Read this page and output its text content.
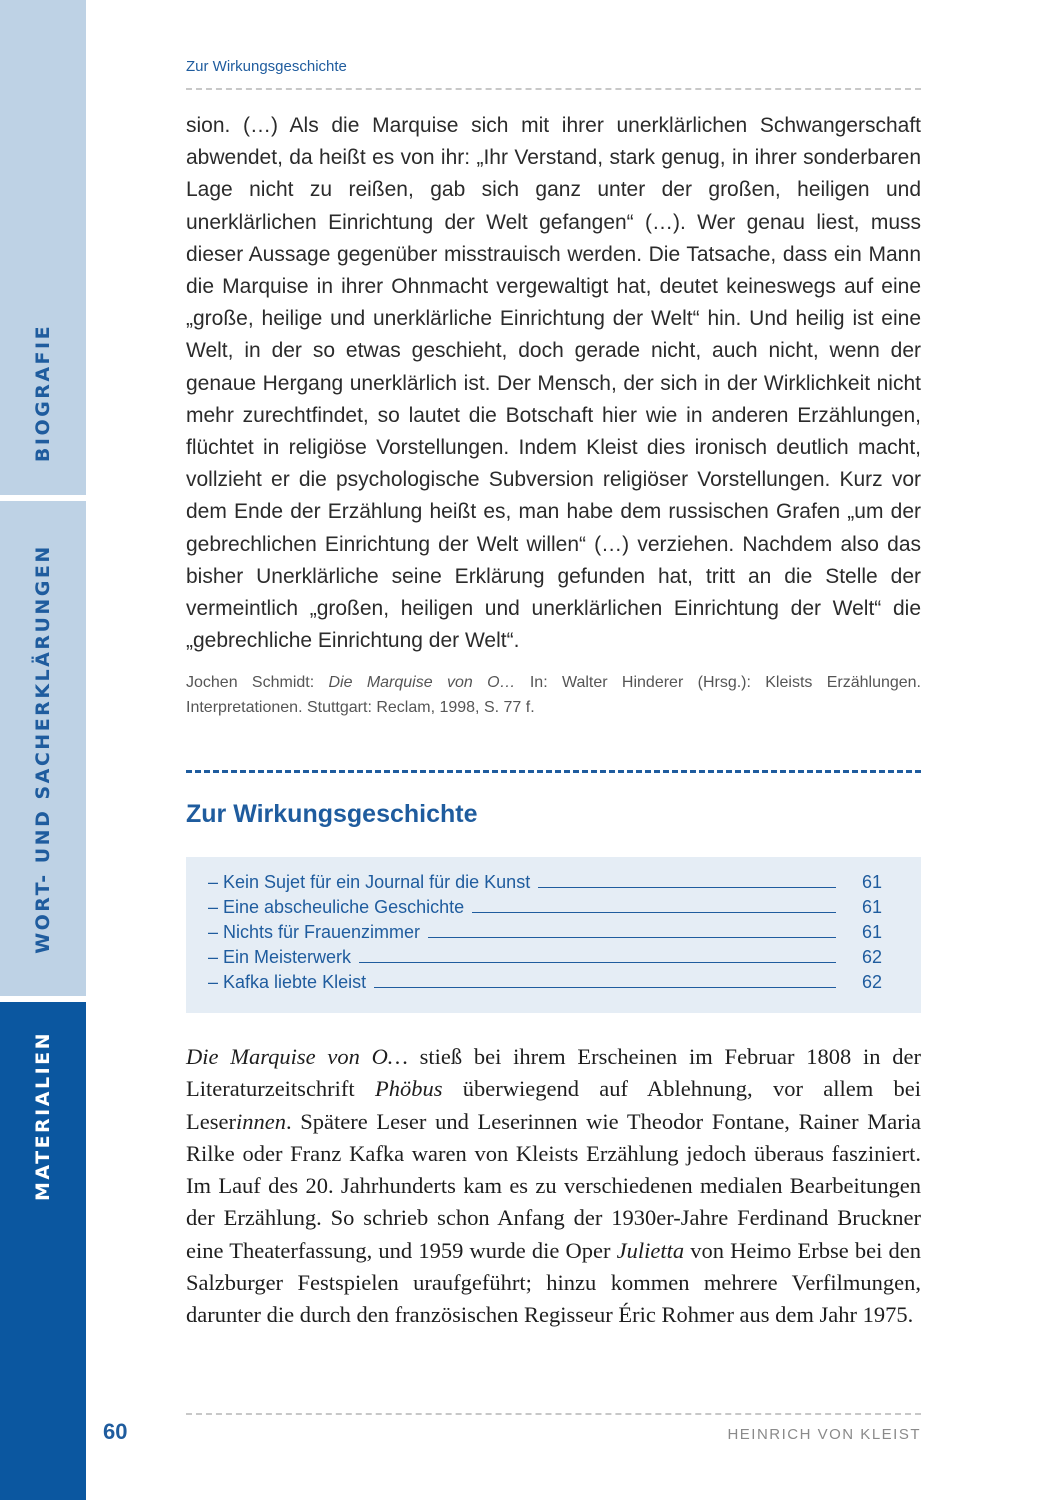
BIOGRAFIE
WORT- UND SACHERKLÄRUNGEN
MATERIALIEN
Zur Wirkungsgeschichte
sion. (…) Als die Marquise sich mit ihrer unerklärlichen Schwangerschaft abwendet, da heißt es von ihr: „Ihr Verstand, stark genug, in ihrer sonderbaren Lage nicht zu reißen, gab sich ganz unter der großen, heiligen und unerklärlichen Einrichtung der Welt gefangen“ (…). Wer genau liest, muss dieser Aussage gegenüber misstrauisch werden. Die Tatsache, dass ein Mann die Marquise in ihrer Ohnmacht vergewaltigt hat, deutet keineswegs auf eine „große, heilige und unerklärliche Einrichtung der Welt“ hin. Und heilig ist eine Welt, in der so etwas geschieht, doch gerade nicht, auch nicht, wenn der genaue Hergang unerklärlich ist. Der Mensch, der sich in der Wirklichkeit nicht mehr zurechtfindet, so lautet die Botschaft hier wie in anderen Erzählungen, flüchtet in religiöse Vorstellungen. Indem Kleist dies ironisch deutlich macht, vollzieht er die psychologische Subversion religiöser Vorstellungen. Kurz vor dem Ende der Erzählung heißt es, man habe dem russischen Grafen „um der gebrechlichen Einrichtung der Welt willen“ (…) verziehen. Nachdem also das bisher Unerklärliche seine Erklärung gefunden hat, tritt an die Stelle der vermeintlich „großen, heiligen und unerklärlichen Einrichtung der Welt“ die „gebrechliche Einrichtung der Welt“.
Jochen Schmidt: Die Marquise von O… In: Walter Hinderer (Hrsg.): Kleists Erzählungen. Interpretationen. Stuttgart: Reclam, 1998, S. 77 f.
Zur Wirkungsgeschichte
– Kein Sujet für ein Journal für die Kunst	61
– Eine abscheuliche Geschichte	61
– Nichts für Frauenzimmer	61
– Ein Meisterwerk	62
– Kafka liebte Kleist	62
Die Marquise von O… stieß bei ihrem Erscheinen im Februar 1808 in der Literaturzeitschrift Phöbus überwiegend auf Ablehnung, vor allem bei Leserinnen. Spätere Leser und Leserinnen wie Theodor Fontane, Rainer Maria Rilke oder Franz Kafka waren von Kleists Erzählung jedoch überaus fasziniert. Im Lauf des 20. Jahrhunderts kam es zu verschiedenen medialen Bearbeitungen der Erzählung. So schrieb schon Anfang der 1930er-Jahre Ferdinand Bruckner eine Theaterfassung, und 1959 wurde die Oper Julietta von Heimo Erbse bei den Salzburger Festspielen uraufgeführt; hinzu kommen mehrere Verfilmungen, darunter die durch den französischen Regisseur Éric Rohmer aus dem Jahr 1975.
60	HEINRICH VON KLEIST
